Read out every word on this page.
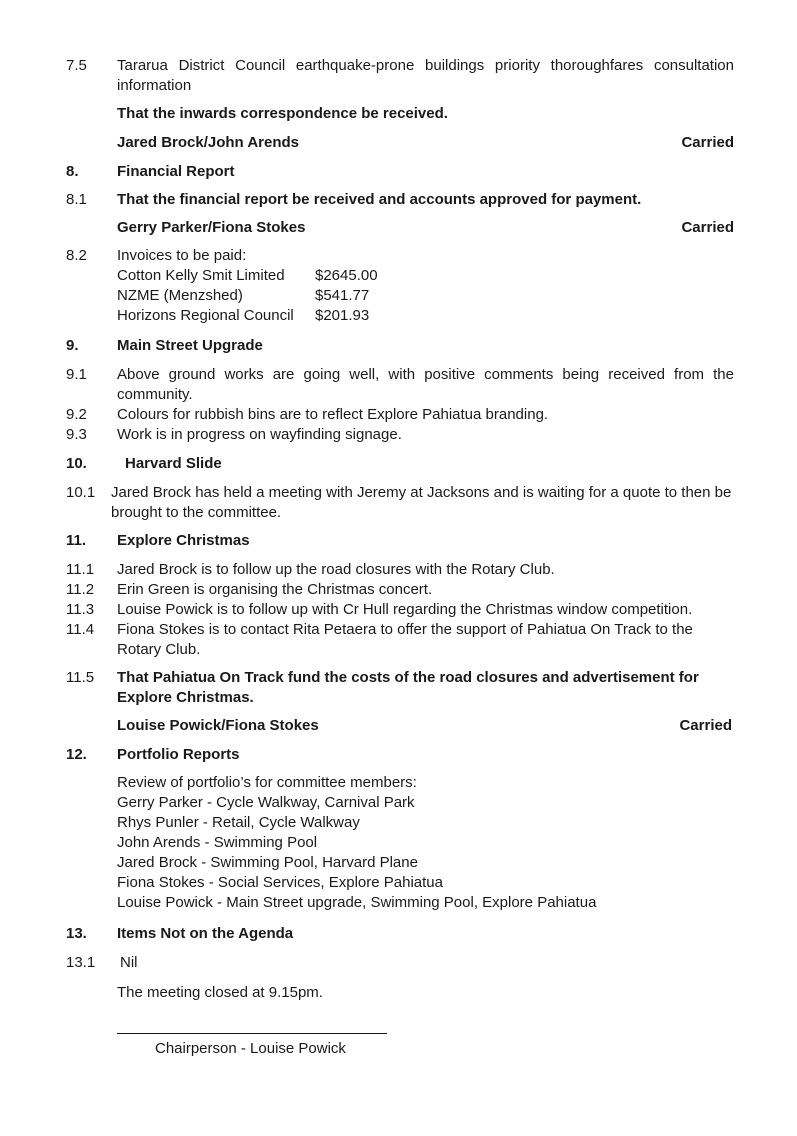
7.5 Tararua District Council earthquake-prone buildings priority thoroughfares consultation information
That the inwards correspondence be received.
Jared Brock/John Arends	Carried
8.	Financial Report
8.1 That the financial report be received and accounts approved for payment.
Gerry Parker/Fiona Stokes	Carried
8.2 Invoices to be paid:
Cotton Kelly Smit Limited $2645.00
NZME (Menzshed)	$541.77
Horizons Regional Council $201.93
9.	Main Street Upgrade
9.1 Above ground works are going well, with positive comments being received from the community.
9.2 Colours for rubbish bins are to reflect Explore Pahiatua branding.
9.3 Work is in progress on wayfinding signage.
10.	Harvard Slide
10.1 Jared Brock has held a meeting with Jeremy at Jacksons and is waiting for a quote to then be brought to the committee.
11. Explore Christmas
11.1 Jared Brock is to follow up the road closures with the Rotary Club.
11.2 Erin Green is organising the Christmas concert.
11.3 Louise Powick is to follow up with Cr Hull regarding the Christmas window competition.
11.4 Fiona Stokes is to contact Rita Petaera to offer the support of Pahiatua On Track to the Rotary Club.
11.5 That Pahiatua On Track fund the costs of the road closures and advertisement for Explore Christmas.
Louise Powick/Fiona Stokes	Carried
12. Portfolio Reports
Review of portfolio’s for committee members:
Gerry Parker - Cycle Walkway, Carnival Park
Rhys Punler - Retail, Cycle Walkway
John Arends - Swimming Pool
Jared Brock - Swimming Pool, Harvard Plane
Fiona Stokes - Social Services, Explore Pahiatua
Louise Powick - Main Street upgrade, Swimming Pool, Explore Pahiatua
13. Items Not on the Agenda
13.1 Nil
The meeting closed at 9.15pm.
Chairperson - Louise Powick
